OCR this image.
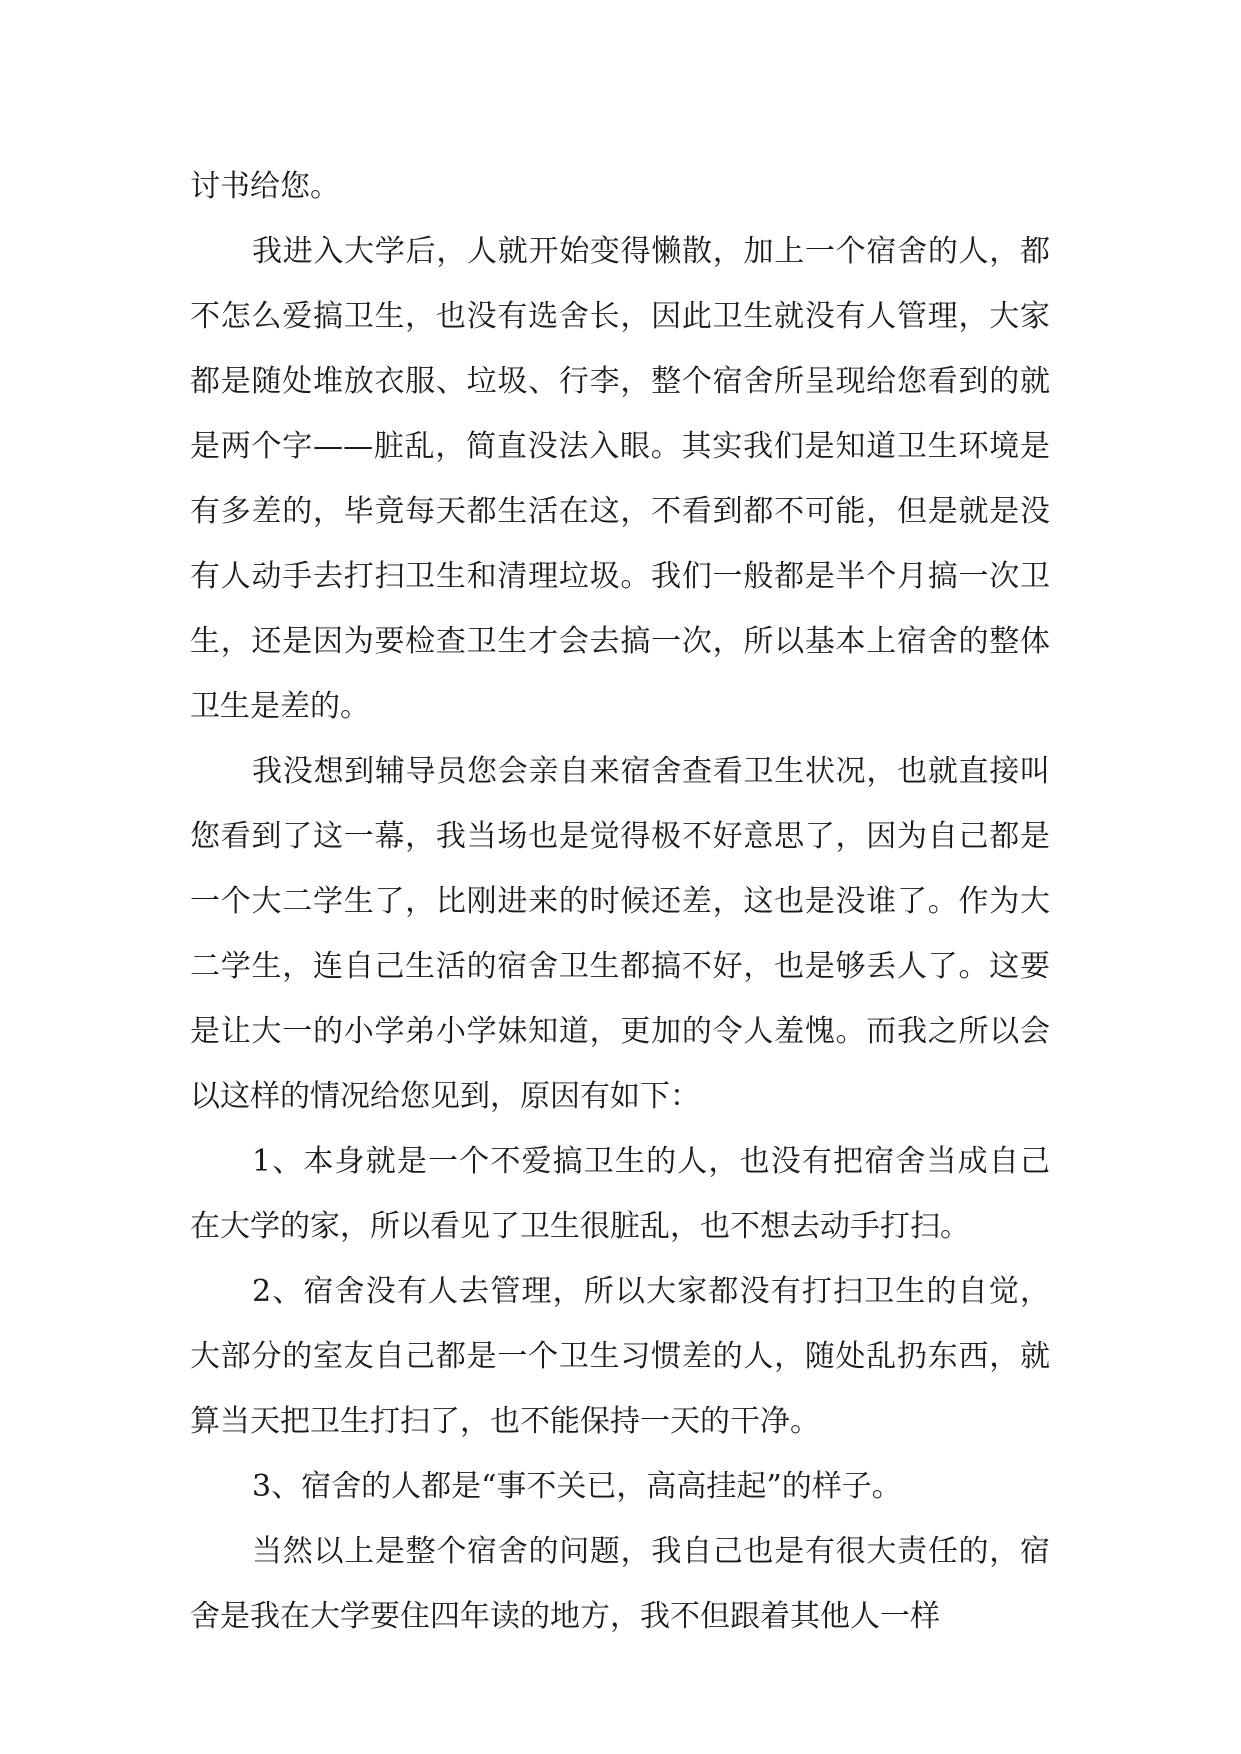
讨书给您。

我进入大学后，人就开始变得懒散，加上一个宿舍的人，都不怎么爱搞卫生，也没有选舍长，因此卫生就没有人管理，大家都是随处堆放衣服、垃圾、行李，整个宿舍所呈现给您看到的就是两个字——脏乱，简直没法入眼。其实我们是知道卫生环境是有多差的，毕竟每天都生活在这，不看到都不可能，但是就是没有人动手去打扫卫生和清理垃圾。我们一般都是半个月搞一次卫生，还是因为要检查卫生才会去搞一次，所以基本上宿舍的整体卫生是差的。

我没想到辅导员您会亲自来宿舍查看卫生状况，也就直接叫您看到了这一幕，我当场也是觉得极不好意思了，因为自己都是一个大二学生了，比刚进来的时候还差，这也是没谁了。作为大二学生，连自己生活的宿舍卫生都搞不好，也是够丢人了。这要是让大一的小学弟小学妹知道，更加的令人羞愧。而我之所以会以这样的情况给您见到，原因有如下：

1、本身就是一个不爱搞卫生的人，也没有把宿舍当成自己在大学的家，所以看见了卫生很脏乱，也不想去动手打扫。

2、宿舍没有人去管理，所以大家都没有打扫卫生的自觉，大部分的室友自己都是一个卫生习惯差的人，随处乱扔东西，就算当天把卫生打扫了，也不能保持一天的干净。

3、宿舍的人都是“事不关已，高高挂起”的样子。

当然以上是整个宿舍的问题，我自己也是有很大责任的，宿舍是我在大学要住四年读的地方，我不但跟着其他人一样
